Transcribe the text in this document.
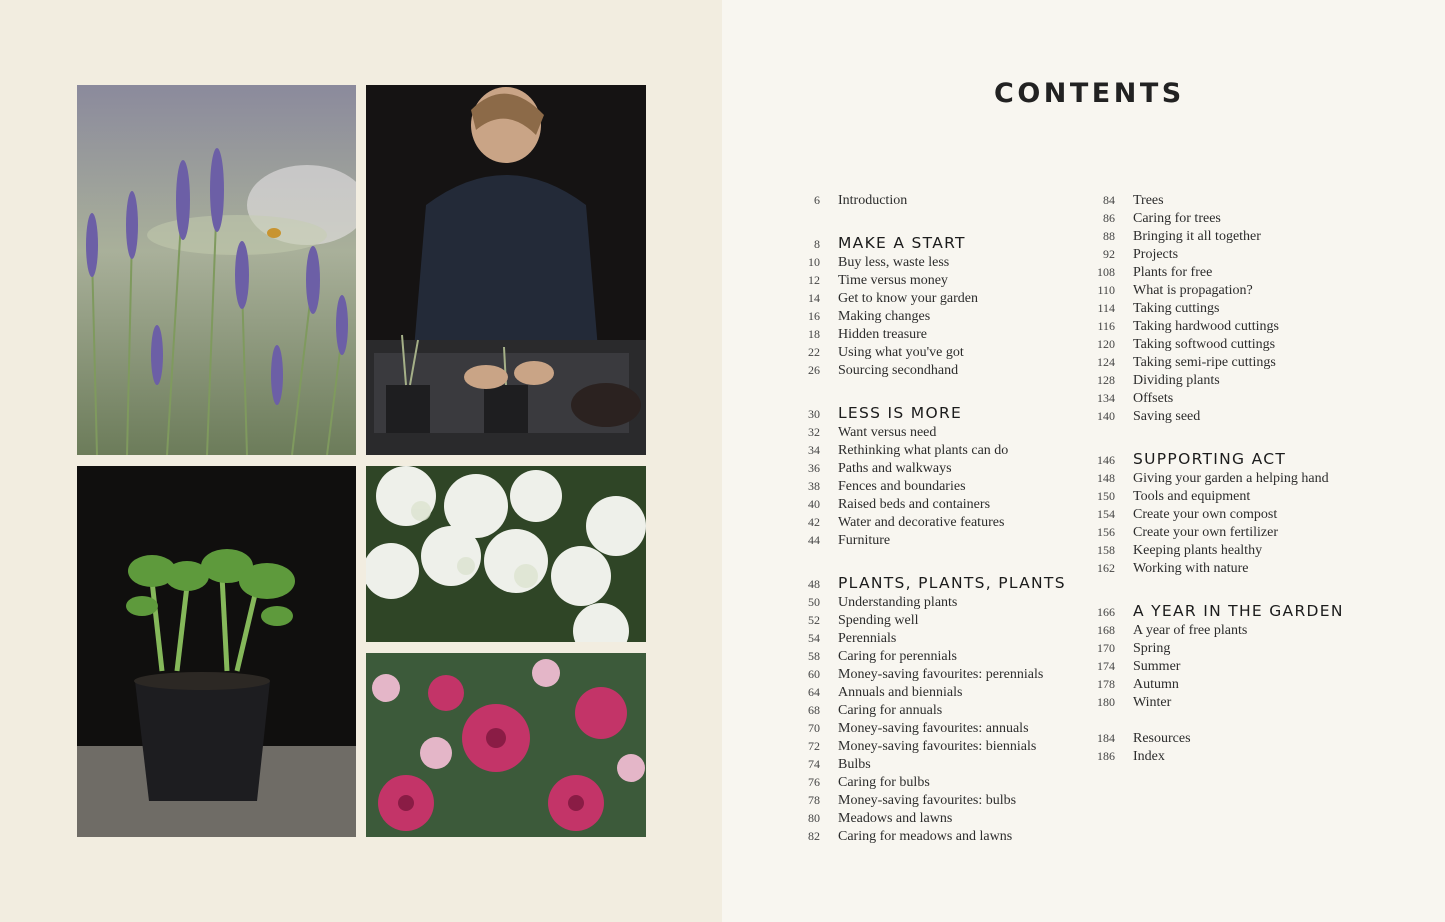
CONTENTS
6 Introduction
8 MAKE A START
10 Buy less, waste less
12 Time versus money
14 Get to know your garden
16 Making changes
18 Hidden treasure
22 Using what you've got
26 Sourcing secondhand
30 LESS IS MORE
32 Want versus need
34 Rethinking what plants can do
36 Paths and walkways
38 Fences and boundaries
40 Raised beds and containers
42 Water and decorative features
44 Furniture
48 PLANTS, PLANTS, PLANTS
50 Understanding plants
52 Spending well
54 Perennials
58 Caring for perennials
60 Money-saving favourites: perennials
64 Annuals and biennials
68 Caring for annuals
70 Money-saving favourites: annuals
72 Money-saving favourites: biennials
74 Bulbs
76 Caring for bulbs
78 Money-saving favourites: bulbs
80 Meadows and lawns
82 Caring for meadows and lawns
84 Trees
86 Caring for trees
88 Bringing it all together
92 Projects
108 Plants for free
110 What is propagation?
114 Taking cuttings
116 Taking hardwood cuttings
120 Taking softwood cuttings
124 Taking semi-ripe cuttings
128 Dividing plants
134 Offsets
140 Saving seed
146 SUPPORTING ACT
148 Giving your garden a helping hand
150 Tools and equipment
154 Create your own compost
156 Create your own fertilizer
158 Keeping plants healthy
162 Working with nature
166 A YEAR IN THE GARDEN
168 A year of free plants
170 Spring
174 Summer
178 Autumn
180 Winter
184 Resources
186 Index
